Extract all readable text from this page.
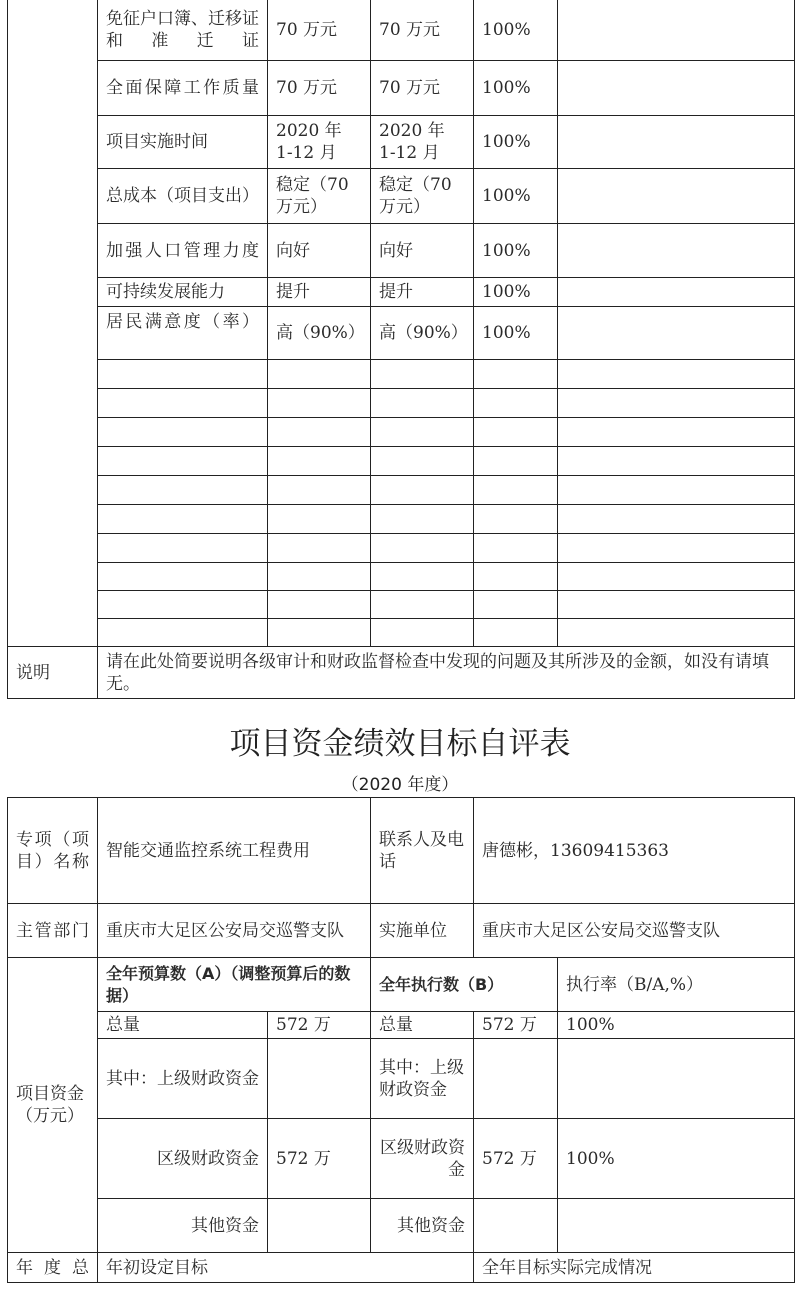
	免征户口簿、迁移证和准迁证	70 万元	70 万元	100%	
	全面保障工作质量	70 万元	70 万元	100%	
	项目实施时间	2020 年 1-12 月	2020 年 1-12 月	100%	
	总成本（项目支出）	稳定（70 万元）	稳定（70 万元）	100%	
	加强人口管理力度	向好	向好	100%	
	可持续发展能力	提升	提升	100%	
	居民满意度（率）	高（90%）	高（90%）	100%	

说明	请在此处简要说明各级审计和财政监督检查中发现的问题及其所涉及的金额，如没有请填无。				
项目资金绩效目标自评表
（2020 年度）
专项（项目）名称	智能交通监控系统工程费用		联系人及电话	唐德彬，13609415363	
主管部门	重庆市大足区公安局交巡警支队		实施单位	重庆市大足区公安局交巡警支队	
项目资金（万元）	全年预算数（A）（调整预算后的数据）		全年执行数（B）		执行率（B/A,%）
	总量	572 万	总量	572 万	100%
	其中：上级财政资金		其中：上级财政资金		
	区级财政资金	572 万	区级财政资金	572 万	100%
	其他资金		其他资金		
年度总	年初设定目标			全年目标实际完成情况	
